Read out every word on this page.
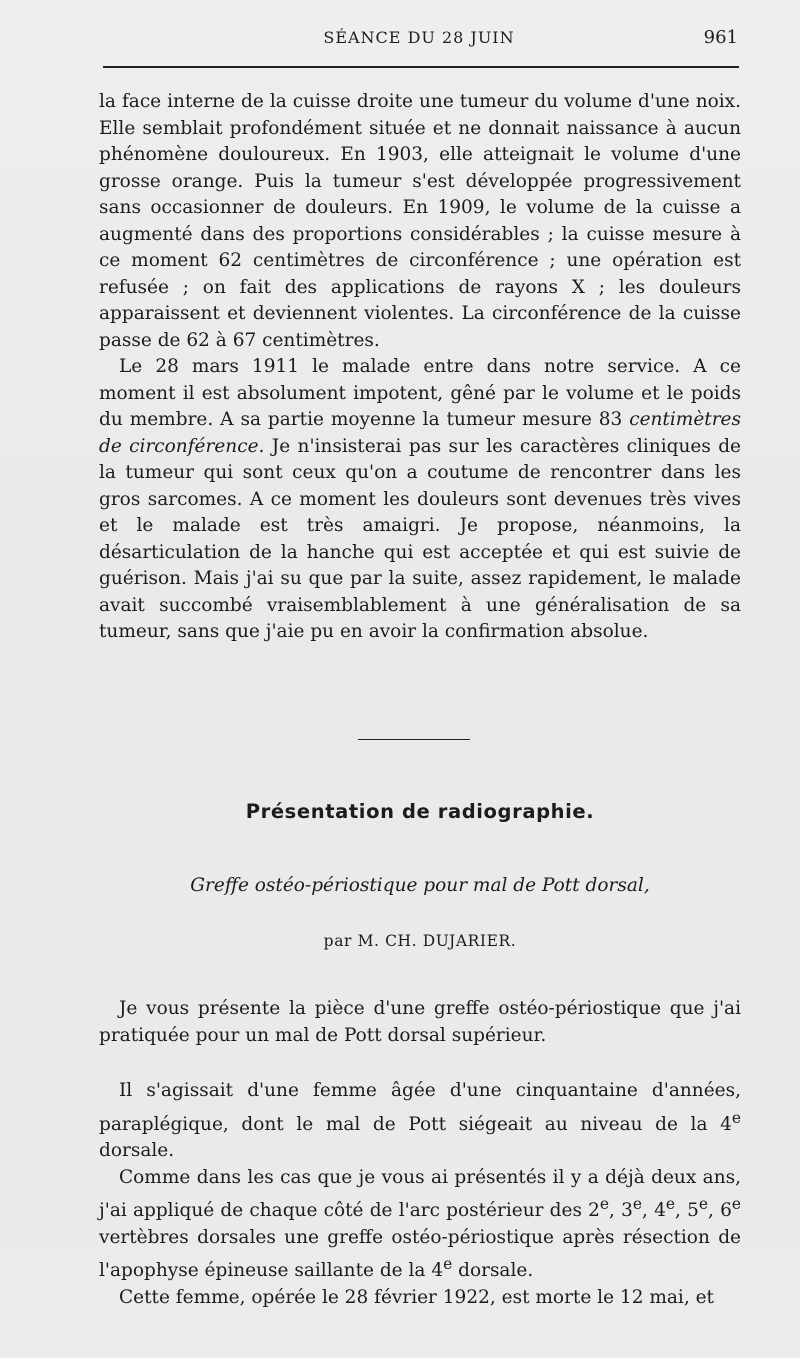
SÉANCE DU 28 JUIN	961

la face interne de la cuisse droite une tumeur du volume d'une noix. Elle semblait profondément située et ne donnait naissance à aucun phénomène douloureux. En 1903, elle atteignait le volume d'une grosse orange. Puis la tumeur s'est développée progressivement sans occasionner de douleurs. En 1909, le volume de la cuisse a augmenté dans des proportions considérables ; la cuisse mesure à ce moment 62 centimètres de circonférence ; une opération est refusée ; on fait des applications de rayons X ; les douleurs apparaissent et deviennent violentes. La circonférence de la cuisse passe de 62 à 67 centimètres.

Le 28 mars 1911 le malade entre dans notre service. A ce moment il est absolument impotent, gêné par le volume et le poids du membre. A sa partie moyenne la tumeur mesure 83 centimètres de circonférence. Je n'insisterai pas sur les caractères cliniques de la tumeur qui sont ceux qu'on a coutume de rencontrer dans les gros sarcomes. A ce moment les douleurs sont devenues très vives et le malade est très amaigri. Je propose, néanmoins, la désarticulation de la hanche qui est acceptée et qui est suivie de guérison. Mais j'ai su que par la suite, assez rapidement, le malade avait succombé vraisemblablement à une généralisation de sa tumeur, sans que j'aie pu en avoir la confirmation absolue.

Présentation de radiographie.
Greffe ostéo-périostique pour mal de Pott dorsal,
par M. CH. DUJARIER.

Je vous présente la pièce d'une greffe ostéo-périostique que j'ai pratiquée pour un mal de Pott dorsal supérieur.

Il s'agissait d'une femme âgée d'une cinquantaine d'années, paraplégique, dont le mal de Pott siégeait au niveau de la 4e dorsale.

Comme dans les cas que je vous ai présentés il y a déjà deux ans, j'ai appliqué de chaque côté de l'arc postérieur des 2e, 3e, 4e, 5e, 6e vertèbres dorsales une greffe ostéo-périostique après résection de l'apophyse épineuse saillante de la 4e dorsale.

Cette femme, opérée le 28 février 1922, est morte le 12 mai, et
